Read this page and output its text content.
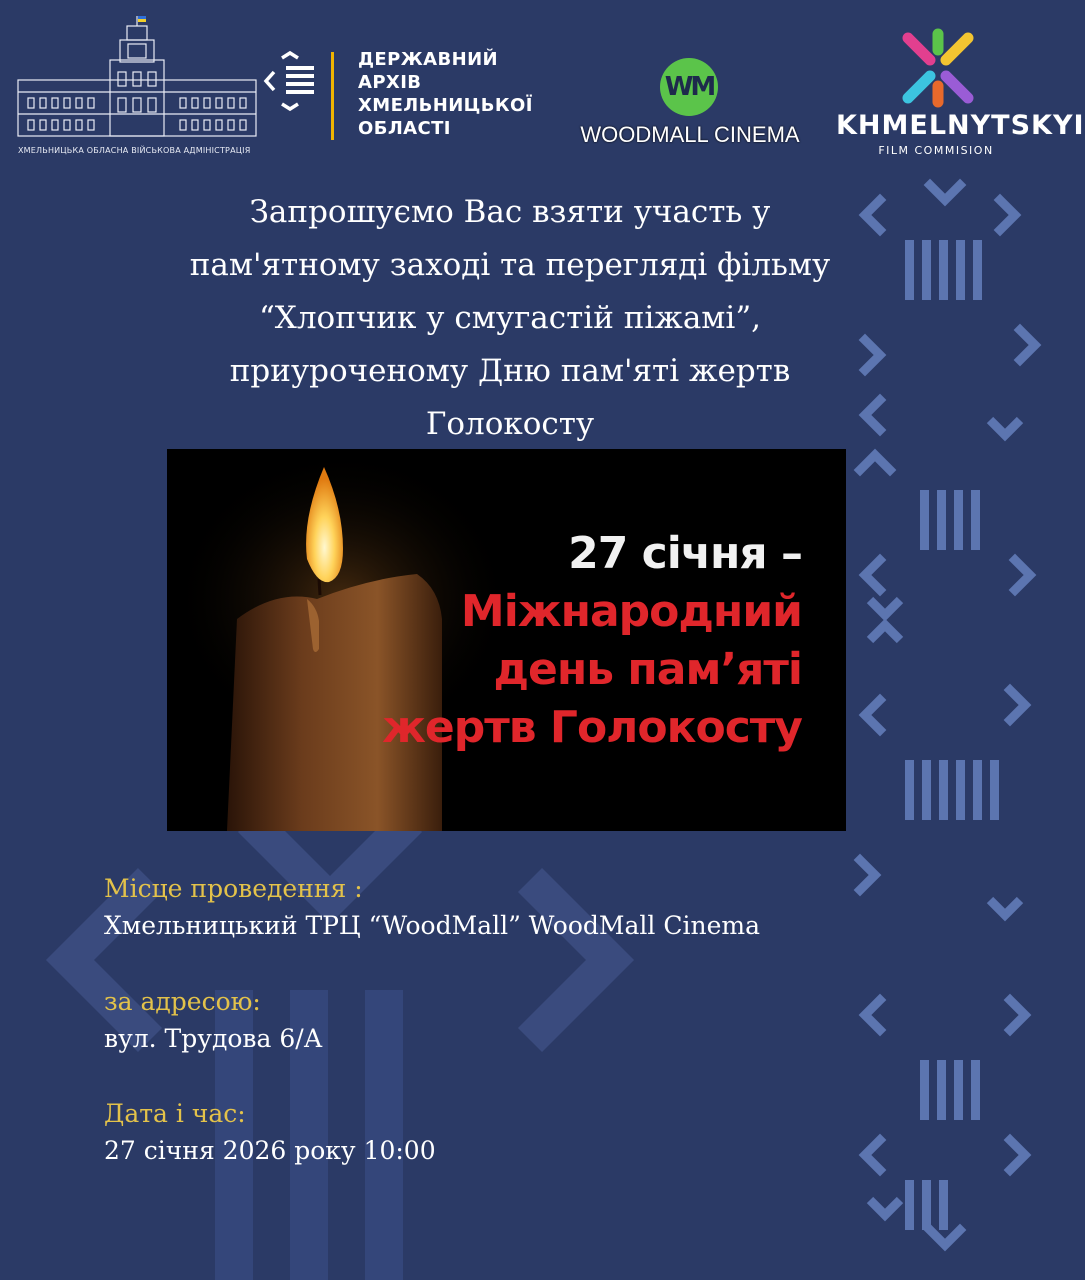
ХМЕЛЬНИЦЬКА ОБЛАСНА ВІЙСЬКОВА АДМІНІСТРАЦІЯ
ДЕРЖАВНИЙ
АРХІВ
ХМЕЛЬНИЦЬКОЇ
ОБЛАСТІ
WM
WOODMALL CINEMA	KHMELNYTSKYI
FILM COMMISION
Запрошуємо Вас взяти участь у
пам'ятному заході та перегляді фільму
“Хлопчик у смугастій піжамі”,
приуроченому Дню пам'яті жертв
Голокосту
27 січня –
Міжнародний
день пам’яті
жертв Голокосту
Місце проведення :
Хмельницький ТРЦ “WoodMall” WoodMall Cinema
за адресою:
вул. Трудова 6/А
Дата і час:
27 січня 2026 року 10:00
